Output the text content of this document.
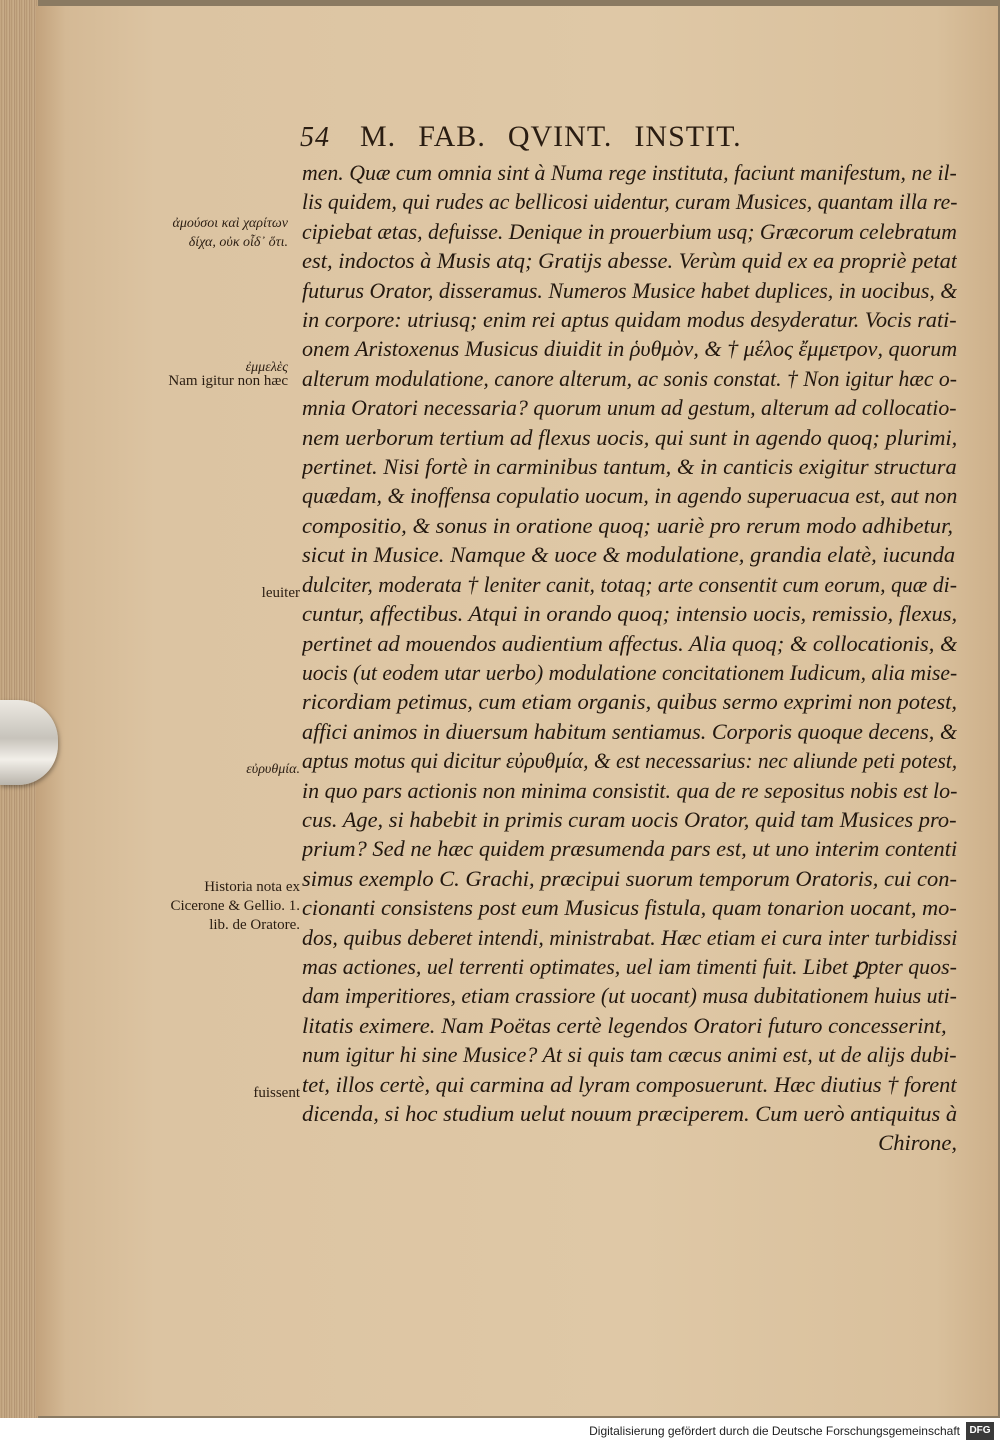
54 M. FAB. QVINT. INSTIT.
men. Quæ cum omnia sint à Numa rege instituta, faciunt manifestum, ne il-
lis quidem, qui rudes ac bellicosi uidentur, curam Musices, quantam illa re-
cipiebat ætas, defuisse. Denique in prouerbium usq; Græcorum celebratum
est, indoctos à Musis atq; Gratijs abesse. Verùm quid ex ea propriè petat
futurus Orator, disseramus. Numeros Musice habet duplices, in uocibus, &
in corpore: utriusq; enim rei aptus quidam modus desyderatur. Vocis rati-
onem Aristoxenus Musicus diuidit in ῥυθμὸν, & † μέλος ἔμμετρον, quorum
alterum modulatione, canore alterum, ac sonis constat. † Non igitur hæc o-
mnia Oratori necessaria? quorum unum ad gestum, alterum ad collocatio-
nem uerborum tertium ad flexus uocis, qui sunt in agendo quoq; plurimi,
pertinet. Nisi fortè in carminibus tantum, & in canticis exigitur structura
quædam, & inoffensa copulatio uocum, in agendo superuacua est, aut non
compositio, & sonus in oratione quoq; uariè pro rerum modo adhibetur,
sicut in Musice. Namque & uoce & modulatione, grandia elatè, iucunda
dulciter, moderata † leniter canit, totaq; arte consentit cum eorum, quæ di-
cuntur, affectibus. Atqui in orando quoq; intensio uocis, remissio, flexus,
pertinet ad mouendos audientium affectus. Alia quoq; & collocationis, &
uocis (ut eodem utar uerbo) modulatione concitationem Iudicum, alia mise-
ricordiam petimus, cum etiam organis, quibus sermo exprimi non potest,
affici animos in diuersum habitum sentiamus. Corporis quoque decens, &
aptus motus qui dicitur εὐρυθμία, & est necessarius: nec aliunde peti potest,
in quo pars actionis non minima consistit. qua de re sepositus nobis est lo-
cus. Age, si habebit in primis curam uocis Orator, quid tam Musices pro-
prium? Sed ne hæc quidem præsumenda pars est, ut uno interim contenti
simus exemplo C. Grachi, præcipui suorum temporum Oratoris, cui con-
cionanti consistens post eum Musicus fistula, quam tonarion uocant, mo-
dos, quibus deberet intendi, ministrabat. Hæc etiam ei cura inter turbidissi
mas actiones, uel terrenti optimates, uel iam timenti fuit. Libet ꝑpter quos-
dam imperitiores, etiam crassiore (ut uocant) musa dubitationem huius uti-
litatis eximere. Nam Poëtas certè legendos Oratori futuro concesserint,
num igitur hi sine Musice? At si quis tam cæcus animi est, ut de alijs dubi-
tet, illos certè, qui carmina ad lyram composuerunt. Hæc diutius † forent
dicenda, si hoc studium uelut nouum præciperem. Cum uerò antiquitus à
Chirone,
ἀμούσοι καὶ χαρίτων δίχα, οὐκ οἶδ᾽ ὅτι.
ἐμμελὲς
Nam igitur non hæc
leuiter
εὐρυθμία.
Historia nota ex Cicerone & Gellio. 1. lib. de Oratore.
fuissent
Digitalisierung gefördert durch die Deutsche Forschungsgemeinschaft DFG
